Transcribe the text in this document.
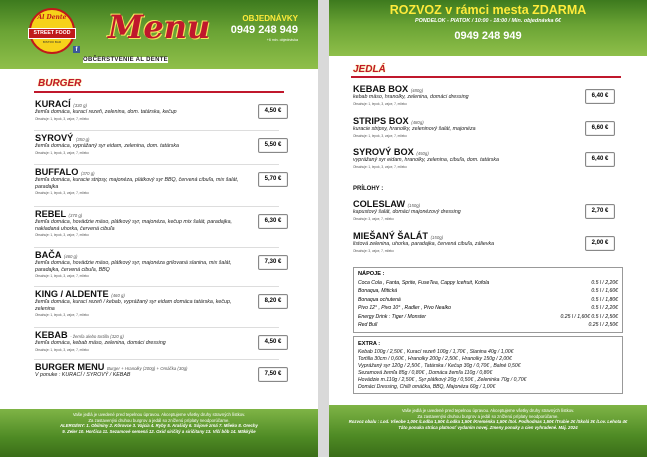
Al Dente
STREET FOOD
BISTRO BAR
f
Menu	OBJEDNÁVKY
0949 248 949
+6 min. objednávka
OBČERSTVENIE AL DENTE
BURGER
KURACÍ (330 g)
žemľa domáca, kurací rezeň, zelenina, dom. tatárska, kečup
Obsahuje: 1, lepok, 3, vajce, 7, mlieko
4,50 €
SYROVÝ (350 g)
žemľa domáca, vyprážaný syr eidam, zelenina, dom. tatárska
Obsahuje: 1, lepok, 3, vajce, 7, mlieko
5,50 €
BUFFALO (370 g)
žemľa domáca, kuracie stripsy, majonéza, plátkový syr BBQ, červená cibuľa, mix šalát, paradajka
Obsahuje: 1, lepok, 3, vajce, 7, mlieko
5,70 €
REBEL (370 g)
žemľa domáca, hovädzie mäso, plátkový syr, majonéza, kečup mix šalát, paradajka, nakladaná uhorka, červená cibuľa
Obsahuje: 1, lepok, 3, vajce, 7, mlieko
6,30 €
BAČA (460 g)
žemľa domáca, hovädzie mäso, plátkový syr, majonéza grilovaná slanina, mix šalát, paradajka, červená cibuľa, BBQ
Obsahuje: 1, lepok, 3, vajce, 7, mlieko
7,30 €
KING / ALDENTE (460 g)
žemľa domáca, kurací rezeň / kebab, vyprážaný syr eidam domáca tatárska, kečup, zelenina
Obsahuje: 1, lepok, 3, vajce, 7, mlieko
8,20 €
KEBAB - žemľa alebo tortilla (320 g)
žemľa domáca, kebab mäso, zelenina, domáci dressing
Obsahuje: 1, lepok, 3, vajce, 7, mlieko
4,50 €
BURGER MENU Burger + Hranolky (200g) + Omáčka (30g)
V ponuke : KURACÍ / SYROVÝ / KEBAB	7,50 €
Vaše jedlá je uvedené pred tepelnou úpravou. Akceptujeme všetky druhy stravných lístkov.
Za zastavenýsi druhou burgrov a jedál so zníženú príplaty neodporúčame.
ALERGÉNY: 1. Obilniny 2. Kôrovce 3. Vajcia 4. Ryby 5. Arašidy 6. Sójové zrná 7. Mlieko 8. Orechy
9. Zeler 10. Horčica 11. Sezamové semená 12. Oxid siričitý a siričitany 13. Vlčí bôb 14. Mäkkýše
ROZVOZ v rámci mesta ZDARMA
PONDELOK - PIATOK / 10:00 - 18:00 / Min. objednávka 6€
0949 248 949
JEDLÁ
KEBAB BOX (480g)
kebab mäso, hranolky, zelenina, domáci dressing
Obsahuje: 1, lepok, 3, vajce, 7, mlieko
6,40 €
STRIPS BOX (480g)
kuracie stripsy, hranolky, zeleninový šalát, majonéza
Obsahuje: 1, lepok, 3, vajce, 7, mlieko
6,60 €
SYROVÝ BOX (450g)
vyprážaný syr eidam, hranolky, zelenina, cibuľa, dom. tatárska
Obsahuje: 1, lepok, 3, vajce, 7, mlieko
6,40 €
PRÍLOHY :
COLESLAW (150g)
kapustový šalát, domáci majonézový dressing
Obsahuje: 3, vajce, 7, mlieko
2,70 €
MIEŠANÝ ŠALÁT (150g)
listová zelenina, uhorka, paradajka, červená cibuľa, zálievka
Obsahuje: 3, vajce, 7, mlieko
2,00 €
NÁPOJE :
Coca Cola , Fanta, Sprite, FuseTea, Cappy Icefruit, Kofola	0.5 l / 2,20€
Bonaqua, Mitická	0.5 l / 1,60€
Bonaqua ochutená	0.5 l / 1,80€
Pivo 12° , Pivo 10° , Radler , Pivo Nealko	0.5 l / 2,20€
Energy Drink : Tiger / Monster	0.25 l / 1,60€ 0.5 l / 2,50€
Red Bull	0.25 l / 2,50€
EXTRA :
Kebab 100g / 2,50€ , Kurací rezeň 100g / 1,70€ , Slanina 40g / 1,00€
Tortilla 30cm / 0,60€ , Hranolky 200g / 2,50€ , Hranolky 150g / 2,00€
Vyprážaný syr 120g / 2,50€ , Tatárska / Kečup 30g / 0,70€ , Balné 0,50€
Sezamová žemľa 85g / 0,80€ , Domáca žemľa 110g / 0,80€
Hovädzie m.110g / 2,50€ , Syr plátkový 20g / 0,50€ , Zeleninka 70g / 0,70€
Domáci Dressing, Chilli omáčka, BBQ, Majonéza 60g / 1,00€
Vaše jedlá je uvedené pred tepelnou úpravou. Akceptujeme všetky druhy stravných lístkov.
Za zastavenýsi druhou burgrov a jedál so zníženú príplaty neodporúčame.
Rozvoz obalu : Lod. Všeobe 1,00€ /Lodba 1,50€ /Lodka 1,50€ /Kreménka 1,50€ /Sol. Podhodnas 1,50€ /Trubie 2€ /Skolá 3€ /Lov. Lehota 4€
Táto ponuka stráca platnosť vydaním novej. Zmeny ponuky a cien vyhradené. Máj. 2024
